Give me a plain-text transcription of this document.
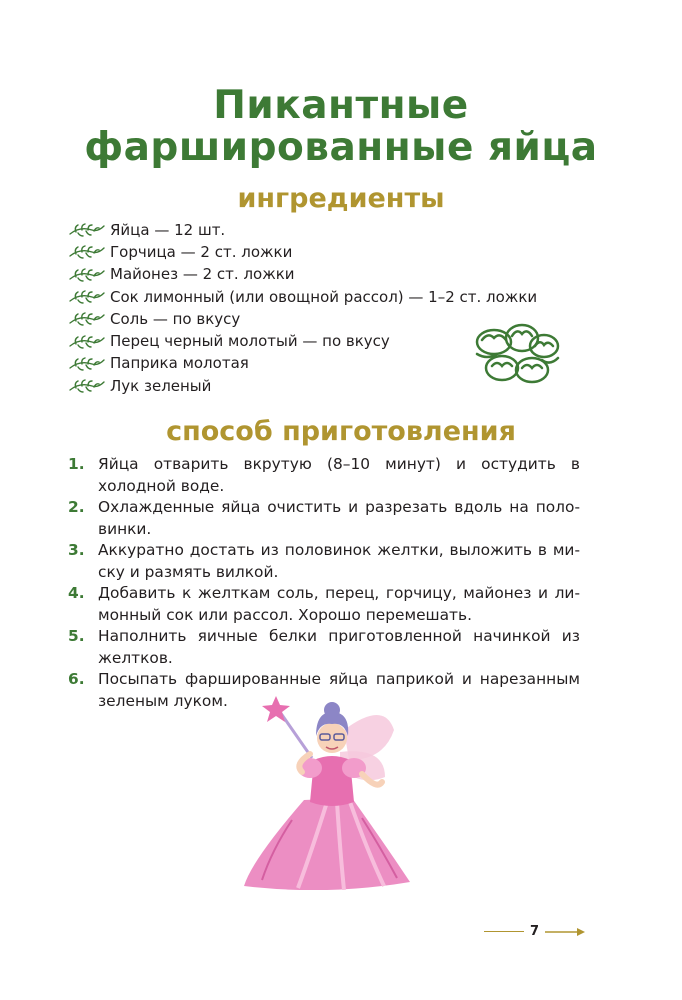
Пикантные
фаршированные яйца
ингредиенты
Яйца — 12 шт.
Горчица — 2 ст. ложки
Майонез — 2 ст. ложки
Сок лимонный (или овощной рассол) — 1–2 ст. ложки
Соль — по вкусу
Перец черный молотый — по вкусу
Паприка молотая
Лук зеленый
способ приготовления
1. Яйца отварить вкрутую (8–10 минут) и остудить в холодной воде.
2. Охлажденные яйца очистить и разрезать вдоль на половинки.
3. Аккуратно достать из половинок желтки, выложить в миску и размять вилкой.
4. Добавить к желткам соль, перец, горчицу, майонез и лимонный сок или рассол. Хорошо перемешать.
5. Наполнить яичные белки приготовленной начинкой из желтков.
6. Посыпать фаршированные яйца паприкой и нарезанным зеленым луком.
7
